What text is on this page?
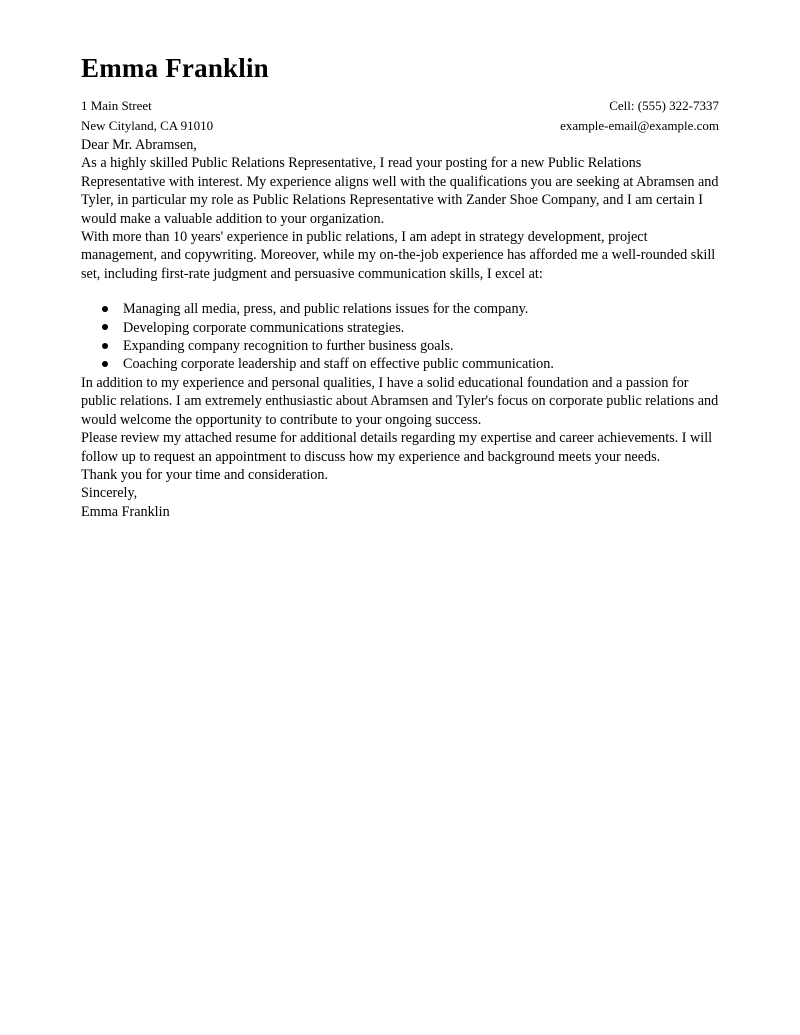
Emma Franklin
1 Main Street	Cell: (555) 322-7337
New Cityland, CA 91010	example-email@example.com

Dear Mr. Abramsen,

As a highly skilled Public Relations Representative, I read your posting for a new Public Relations Representative with interest. My experience aligns well with the qualifications you are seeking at Abramsen and Tyler, in particular my role as Public Relations Representative with Zander Shoe Company, and I am certain I would make a valuable addition to your organization.

With more than 10 years' experience in public relations, I am adept in strategy development, project management, and copywriting. Moreover, while my on-the-job experience has afforded me a well-rounded skill set, including first-rate judgment and persuasive communication skills, I excel at:

Managing all media, press, and public relations issues for the company.
Developing corporate communications strategies.
Expanding company recognition to further business goals.
Coaching corporate leadership and staff on effective public communication.

In addition to my experience and personal qualities, I have a solid educational foundation and a passion for public relations. I am extremely enthusiastic about Abramsen and Tyler's focus on corporate public relations and would welcome the opportunity to contribute to your ongoing success.

Please review my attached resume for additional details regarding my expertise and career achievements. I will follow up to request an appointment to discuss how my experience and background meets your needs.

Thank you for your time and consideration.

Sincerely,

Emma Franklin
